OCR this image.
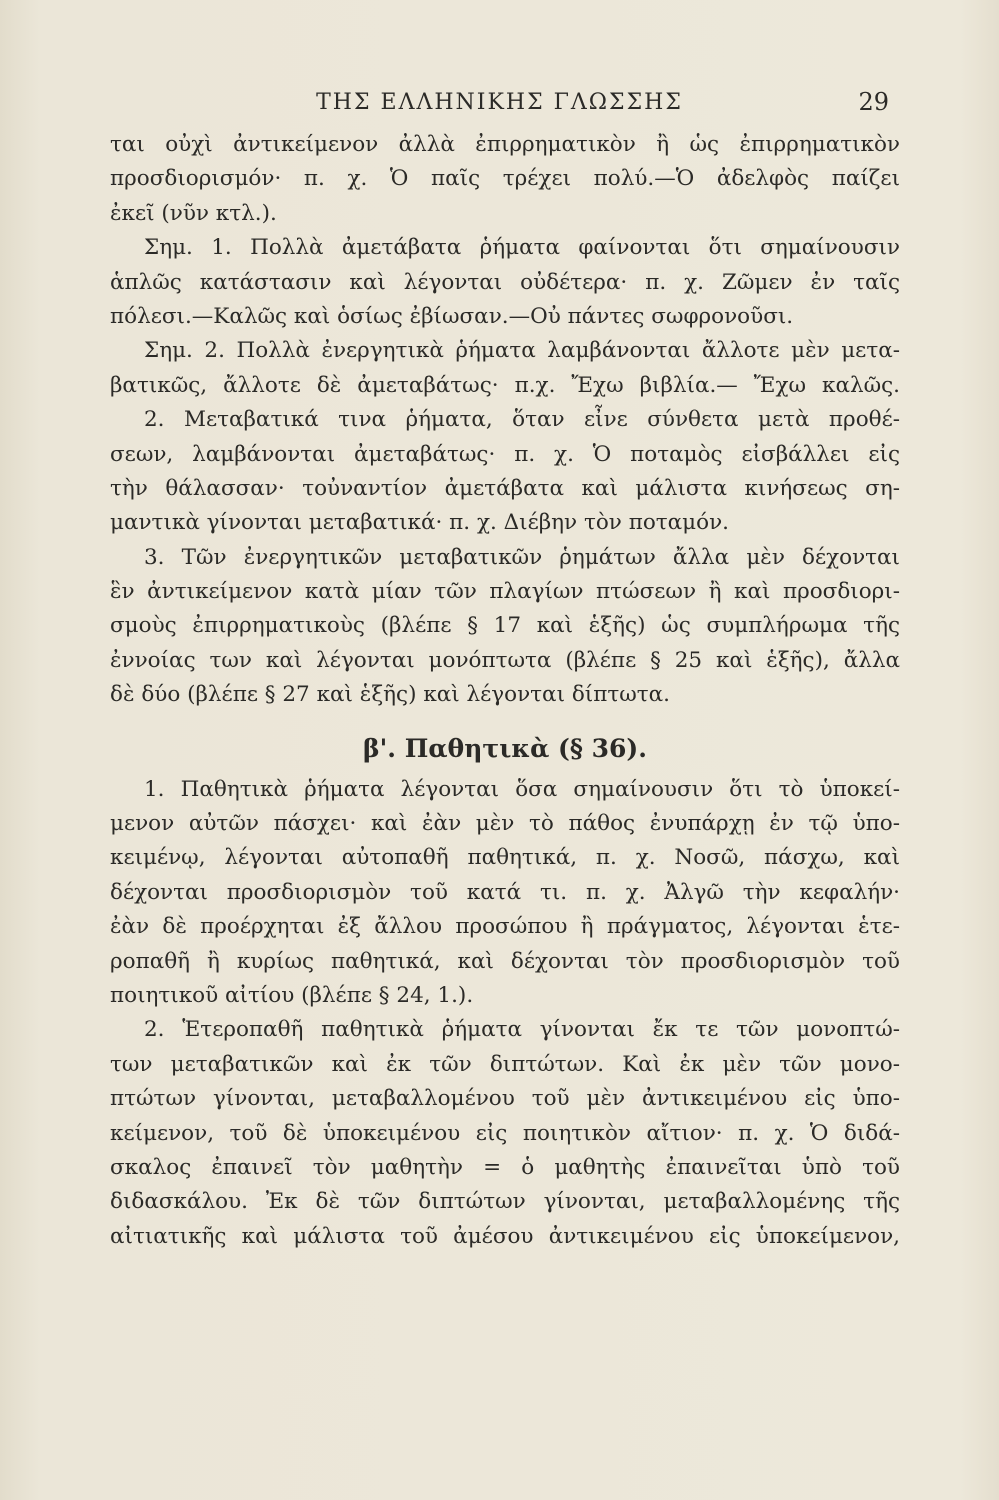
ΤΗΣ ΕΛΛΗΝΙΚΗΣ ΓΛΩΣΣΗΣ	29
ται οὐχὶ ἀντικείμενον ἀλλὰ ἐπιρρηματικὸν ἢ ὡς ἐπιρρηματικὸν
προσδιορισμόν· π. χ. Ὁ παῖς τρέχει πολύ.—Ὁ ἀδελφὸς παίζει
ἐκεῖ (νῦν κτλ.).
Σημ. 1. Πολλὰ ἀμετάβατα ῥήματα φαίνονται ὅτι σημαίνουσιν
ἁπλῶς κατάστασιν καὶ λέγονται οὐδέτερα· π. χ. Ζῶμεν ἐν ταῖς
πόλεσι.—Καλῶς καὶ ὁσίως ἐβίωσαν.—Οὐ πάντες σωφρονοῦσι.
Σημ. 2. Πολλὰ ἐνεργητικὰ ῥήματα λαμβάνονται ἄλλοτε μὲν μετα-
βατικῶς, ἄλλοτε δὲ ἀμεταβάτως· π.χ. Ἔχω βιβλία.— Ἔχω καλῶς.
2. Μεταβατικά τινα ῥήματα, ὅταν εἶνε σύνθετα μετὰ προθέ-
σεων, λαμβάνονται ἀμεταβάτως· π. χ. Ὁ ποταμὸς εἰσβάλλει εἰς
τὴν θάλασσαν· τοὐναντίον ἀμετάβατα καὶ μάλιστα κινήσεως ση-
μαντικὰ γίνονται μεταβατικά· π. χ. Διέβην τὸν ποταμόν.
3. Τῶν ἐνεργητικῶν μεταβατικῶν ῥημάτων ἄλλα μὲν δέχονται
ἓν ἀντικείμενον κατὰ μίαν τῶν πλαγίων πτώσεων ἢ καὶ προσδιορι-
σμοὺς ἐπιρρηματικοὺς (βλέπε § 17 καὶ ἑξῆς) ὡς συμπλήρωμα τῆς
ἐννοίας των καὶ λέγονται μονόπτωτα (βλέπε § 25 καὶ ἑξῆς), ἄλλα
δὲ δύο (βλέπε § 27 καὶ ἑξῆς) καὶ λέγονται δίπτωτα.
β'. Παθητικὰ (§ 36).
1. Παθητικὰ ῥήματα λέγονται ὅσα σημαίνουσιν ὅτι τὸ ὑποκεί-
μενον αὐτῶν πάσχει· καὶ ἐὰν μὲν τὸ πάθος ἐνυπάρχῃ ἐν τῷ ὑπο-
κειμένῳ, λέγονται αὐτοπαθῆ παθητικά, π. χ. Νοσῶ, πάσχω, καὶ
δέχονται προσδιορισμὸν τοῦ κατά τι. π. χ. Ἀλγῶ τὴν κεφαλήν·
ἐὰν δὲ προέρχηται ἐξ ἄλλου προσώπου ἢ πράγματος, λέγονται ἑτε-
ροπαθῆ ἢ κυρίως παθητικά, καὶ δέχονται τὸν προσδιορισμὸν τοῦ
ποιητικοῦ αἰτίου (βλέπε § 24, 1.).
2. Ἑτεροπαθῆ παθητικὰ ῥήματα γίνονται ἔκ τε τῶν μονοπτώ-
των μεταβατικῶν καὶ ἐκ τῶν διπτώτων. Καὶ ἐκ μὲν τῶν μονο-
πτώτων γίνονται, μεταβαλλομένου τοῦ μὲν ἀντικειμένου εἰς ὑπο-
κείμενον, τοῦ δὲ ὑποκειμένου εἰς ποιητικὸν αἴτιον· π. χ. Ὁ διδά-
σκαλος ἐπαινεῖ τὸν μαθητὴν = ὁ μαθητὴς ἐπαινεῖται ὑπὸ τοῦ
διδασκάλου. Ἐκ δὲ τῶν διπτώτων γίνονται, μεταβαλλομένης τῆς
αἰτιατικῆς καὶ μάλιστα τοῦ ἀμέσου ἀντικειμένου εἰς ὑποκείμενον,
